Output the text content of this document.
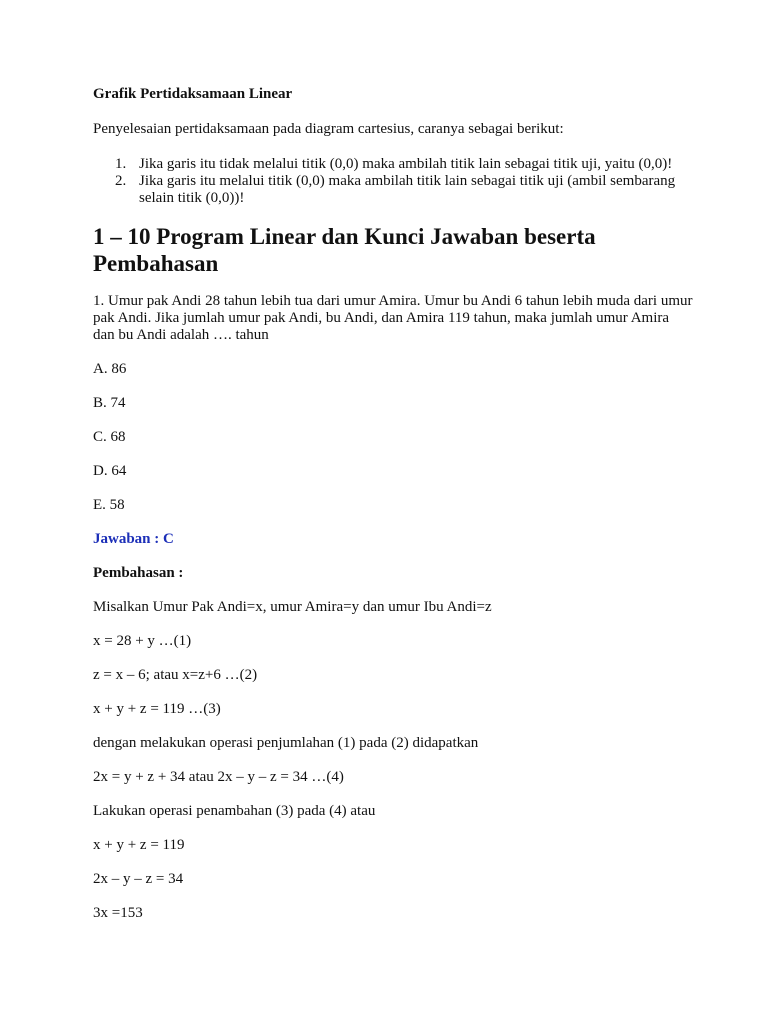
Grafik Pertidaksamaan Linear

Penyelesaian pertidaksamaan pada diagram cartesius, caranya sebagai berikut:

1. Jika garis itu tidak melalui titik (0,0) maka ambilah titik lain sebagai titik uji, yaitu (0,0)!
2. Jika garis itu melalui titik (0,0) maka ambilah titik lain sebagai titik uji (ambil sembarang selain titik (0,0))!
1 – 10 Program Linear dan Kunci Jawaban beserta Pembahasan

1. Umur pak Andi 28 tahun lebih tua dari umur Amira. Umur bu Andi 6 tahun lebih muda dari umur pak Andi. Jika jumlah umur pak Andi, bu Andi, dan Amira 119 tahun, maka jumlah umur Amira dan bu Andi adalah …. tahun

A. 86

B. 74

C. 68

D. 64

E. 58

Jawaban : C

Pembahasan :

Misalkan Umur Pak Andi=x, umur Amira=y dan umur Ibu Andi=z

x = 28 + y …(1)

z = x – 6; atau x=z+6 …(2)

x + y + z = 119 …(3)

dengan melakukan operasi penjumlahan (1) pada (2) didapatkan

2x = y + z + 34 atau 2x – y – z = 34 …(4)

Lakukan operasi penambahan (3) pada (4) atau

x + y + z = 119

2x – y – z = 34

3x =153
